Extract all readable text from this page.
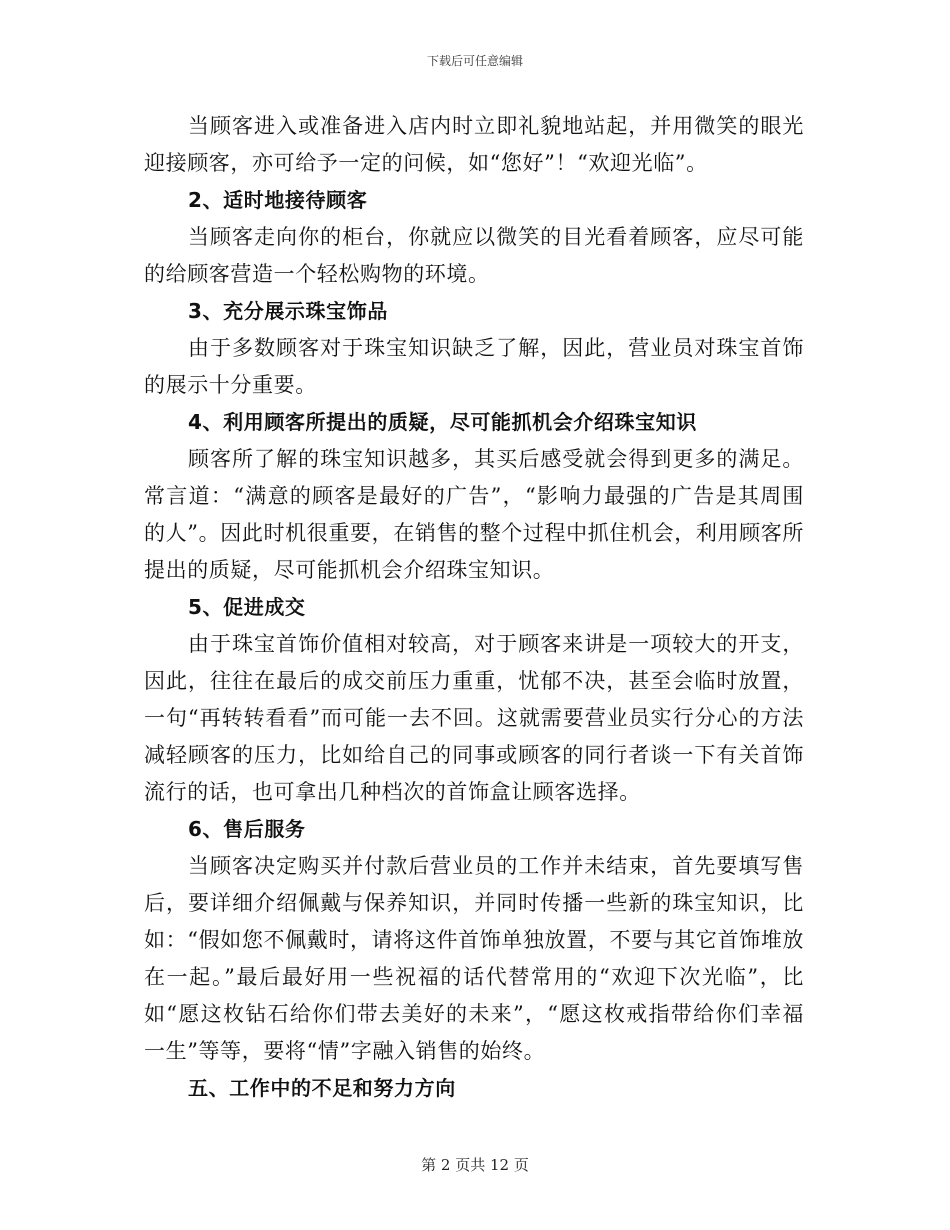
下载后可任意编辑

当顾客进入或准备进入店内时立即礼貌地站起，并用微笑的眼光迎接顾客，亦可给予一定的问候，如“您好”！“欢迎光临”。

2、适时地接待顾客

当顾客走向你的柜台，你就应以微笑的目光看着顾客，应尽可能的给顾客营造一个轻松购物的环境。

3、充分展示珠宝饰品

由于多数顾客对于珠宝知识缺乏了解，因此，营业员对珠宝首饰的展示十分重要。

4、利用顾客所提出的质疑，尽可能抓机会介绍珠宝知识

顾客所了解的珠宝知识越多，其买后感受就会得到更多的满足。常言道：“满意的顾客是最好的广告”，“影响力最强的广告是其周围的人”。因此时机很重要，在销售的整个过程中抓住机会，利用顾客所提出的质疑，尽可能抓机会介绍珠宝知识。

5、促进成交

由于珠宝首饰价值相对较高，对于顾客来讲是一项较大的开支，因此，往往在最后的成交前压力重重，忧郁不决，甚至会临时放置，一句“再转转看看”而可能一去不回。这就需要营业员实行分心的方法减轻顾客的压力，比如给自己的同事或顾客的同行者谈一下有关首饰流行的话，也可拿出几种档次的首饰盒让顾客选择。

6、售后服务

当顾客决定购买并付款后营业员的工作并未结束，首先要填写售后，要详细介绍佩戴与保养知识，并同时传播一些新的珠宝知识，比如：“假如您不佩戴时，请将这件首饰单独放置，不要与其它首饰堆放在一起。”最后最好用一些祝福的话代替常用的“欢迎下次光临”，比如“愿这枚钻石给你们带去美好的未来”，“愿这枚戒指带给你们幸福一生”等等，要将“情”字融入销售的始终。

五、工作中的不足和努力方向

第 2 页共 12 页
